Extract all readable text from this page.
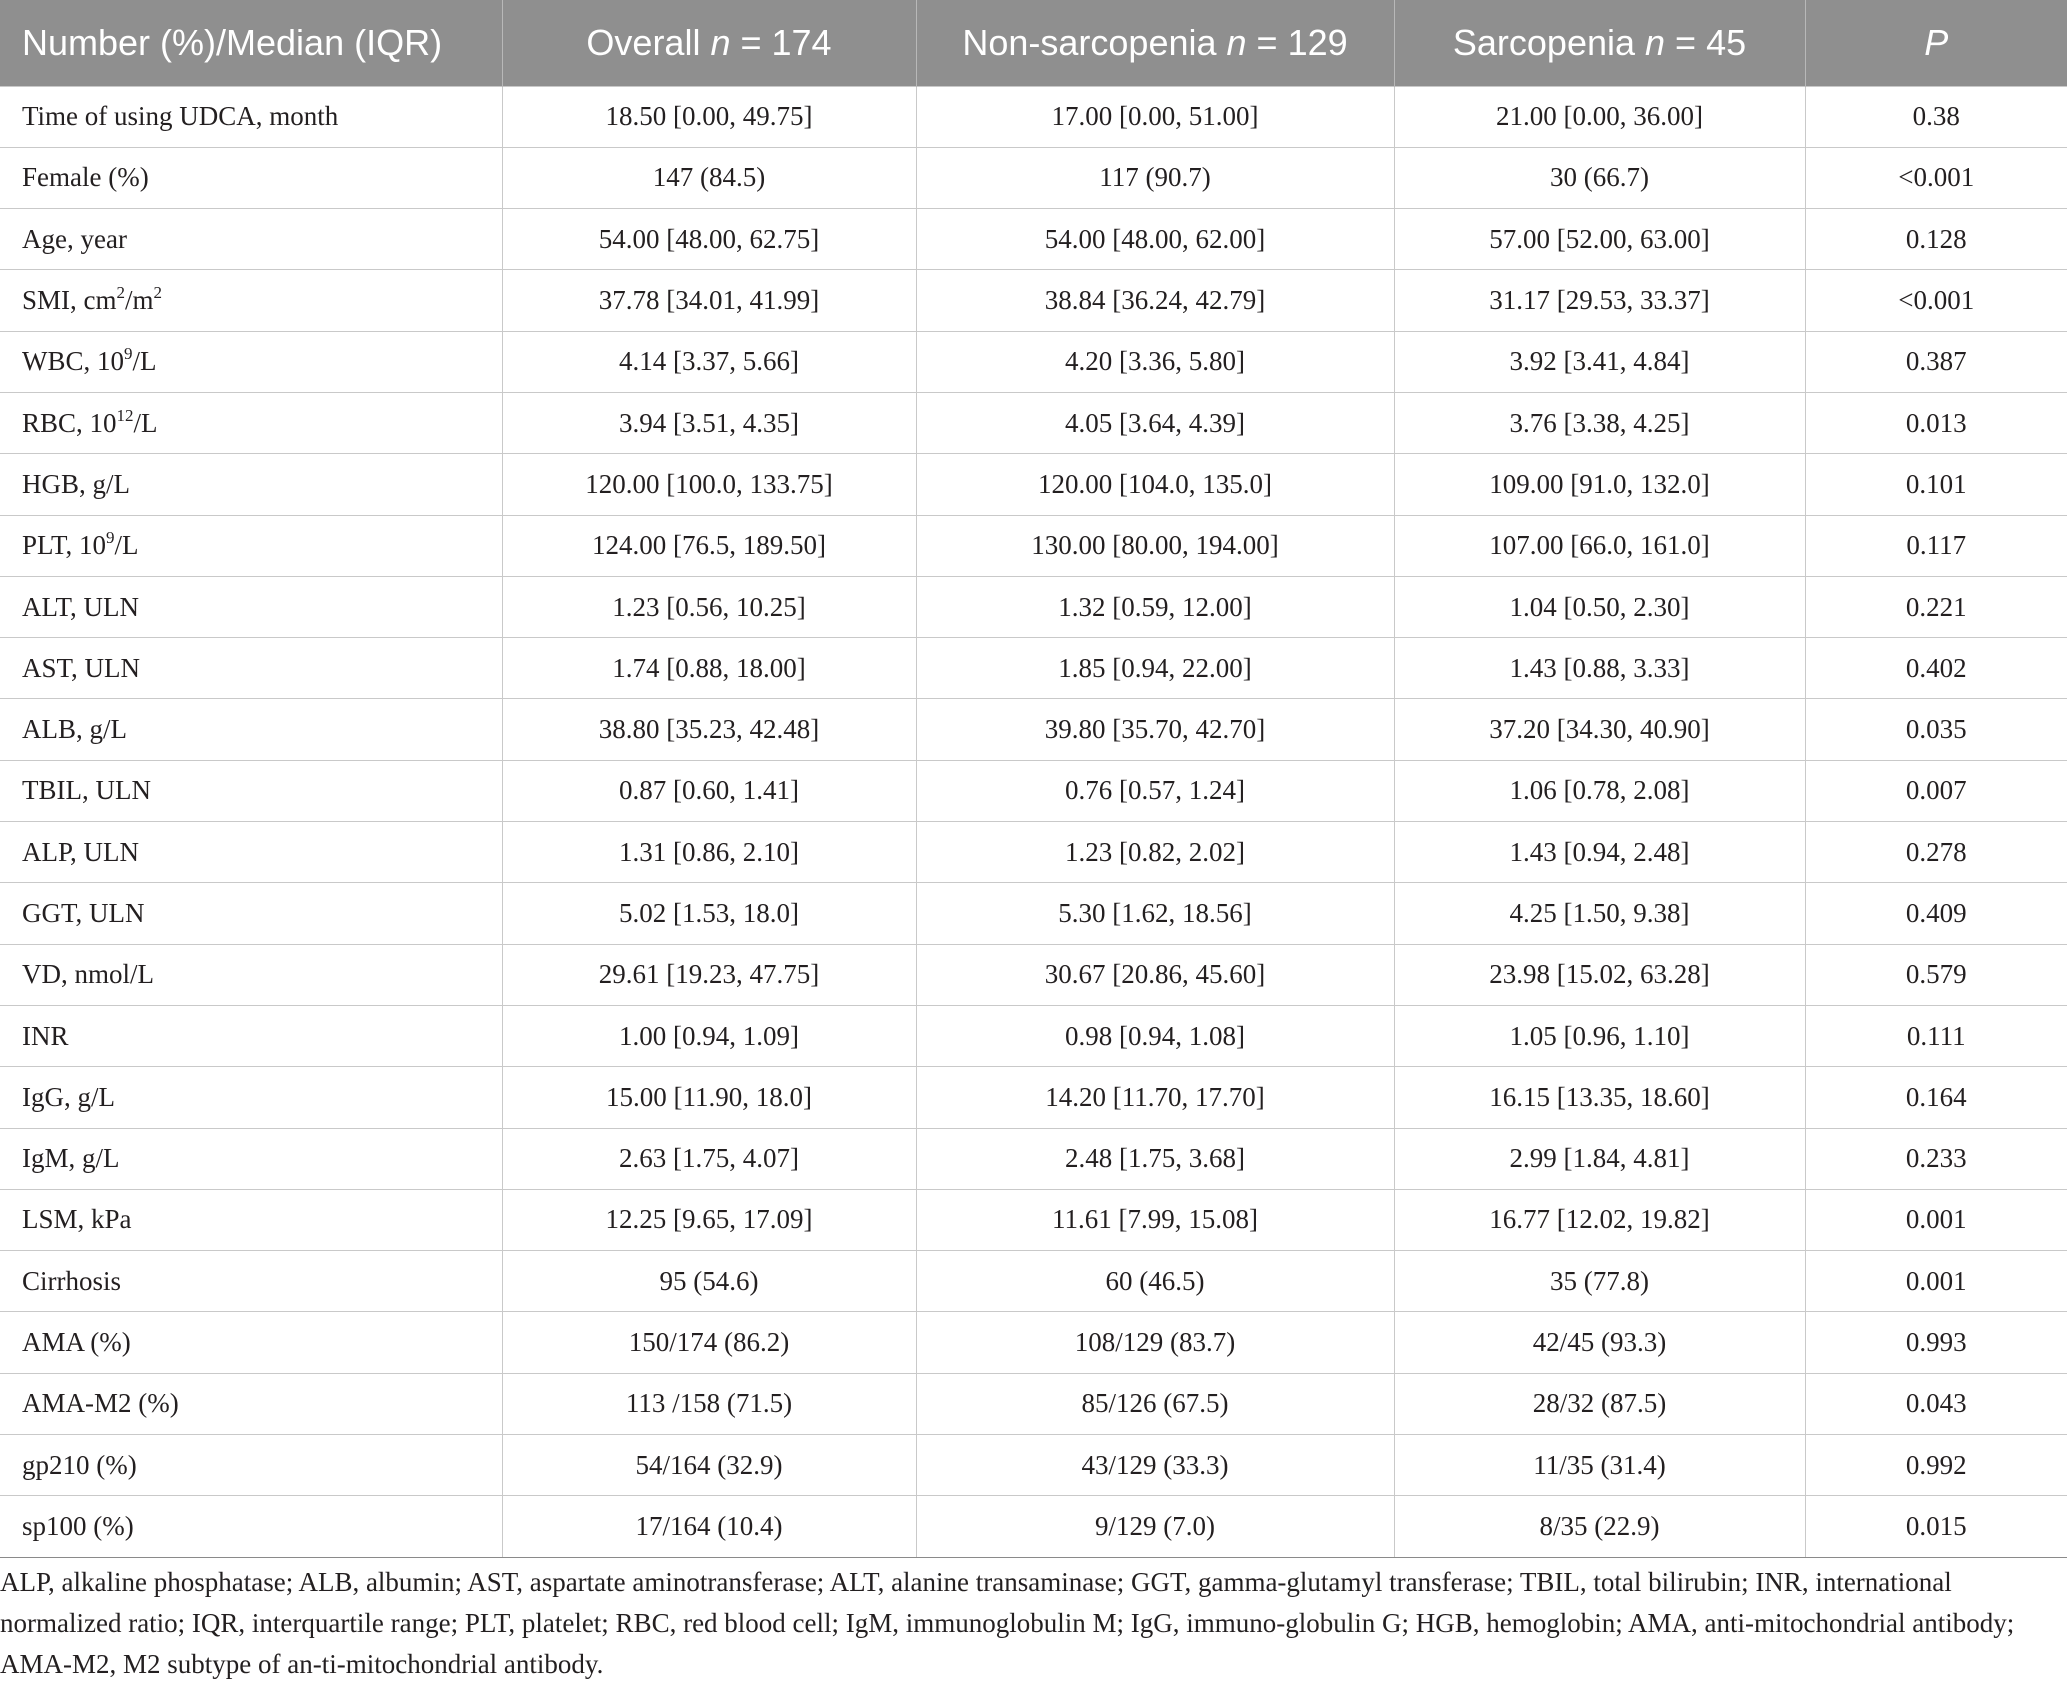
Number (%)/Median (IQR)	Overall n = 174	Non-sarcopenia n = 129	Sarcopenia n = 45	P
Time of using UDCA, month	18.50 [0.00, 49.75]	17.00 [0.00, 51.00]	21.00 [0.00, 36.00]	0.38
Female (%)	147 (84.5)	117 (90.7)	30 (66.7)	<0.001
Age, year	54.00 [48.00, 62.75]	54.00 [48.00, 62.00]	57.00 [52.00, 63.00]	0.128
SMI, $cm^2/m^2$	37.78 [34.01, 41.99]	38.84 [36.24, 42.79]	31.17 [29.53, 33.37]	<0.001
WBC, $10^9/L$	4.14 [3.37, 5.66]	4.20 [3.36, 5.80]	3.92 [3.41, 4.84]	0.387
RBC, $10^{12}/L$	3.94 [3.51, 4.35]	4.05 [3.64, 4.39]	3.76 [3.38, 4.25]	0.013
HGB, g/L	120.00 [100.0, 133.75]	120.00 [104.0, 135.0]	109.00 [91.0, 132.0]	0.101
PLT, $10^9/L$	124.00 [76.5, 189.50]	130.00 [80.00, 194.00]	107.00 [66.0, 161.0]	0.117
ALT, ULN	1.23 [0.56, 10.25]	1.32 [0.59, 12.00]	1.04 [0.50, 2.30]	0.221
AST, ULN	1.74 [0.88, 18.00]	1.85 [0.94, 22.00]	1.43 [0.88, 3.33]	0.402
ALB, g/L	38.80 [35.23, 42.48]	39.80 [35.70, 42.70]	37.20 [34.30, 40.90]	0.035
TBIL, ULN	0.87 [0.60, 1.41]	0.76 [0.57, 1.24]	1.06 [0.78, 2.08]	0.007
ALP, ULN	1.31 [0.86, 2.10]	1.23 [0.82, 2.02]	1.43 [0.94, 2.48]	0.278
GGT, ULN	5.02 [1.53, 18.0]	5.30 [1.62, 18.56]	4.25 [1.50, 9.38]	0.409
VD, nmol/L	29.61 [19.23, 47.75]	30.67 [20.86, 45.60]	23.98 [15.02, 63.28]	0.579
INR	1.00 [0.94, 1.09]	0.98 [0.94, 1.08]	1.05 [0.96, 1.10]	0.111
IgG, g/L	15.00 [11.90, 18.0]	14.20 [11.70, 17.70]	16.15 [13.35, 18.60]	0.164
IgM, g/L	2.63 [1.75, 4.07]	2.48 [1.75, 3.68]	2.99 [1.84, 4.81]	0.233
LSM, kPa	12.25 [9.65, 17.09]	11.61 [7.99, 15.08]	16.77 [12.02, 19.82]	0.001
Cirrhosis	95 (54.6)	60 (46.5)	35 (77.8)	0.001
AMA (%)	150/174 (86.2)	108/129 (83.7)	42/45 (93.3)	0.993
AMA-M2 (%)	113 /158 (71.5)	85/126 (67.5)	28/32 (87.5)	0.043
gp210 (%)	54/164 (32.9)	43/129 (33.3)	11/35 (31.4)	0.992
sp100 (%)	17/164 (10.4)	9/129 (7.0)	8/35 (22.9)	0.015

ALP, alkaline phosphatase; ALB, albumin; AST, aspartate aminotransferase; ALT, alanine transaminase; GGT, gamma-glutamyl transferase; TBIL, total bilirubin; INR, international normalized ratio; IQR, interquartile range; PLT, platelet; RBC, red blood cell; IgM, immunoglobulin M; IgG, immuno-globulin G; HGB, hemoglobin; AMA, anti-mitochondrial antibody; AMA-M2, M2 subtype of an-ti-mitochondrial antibody.
